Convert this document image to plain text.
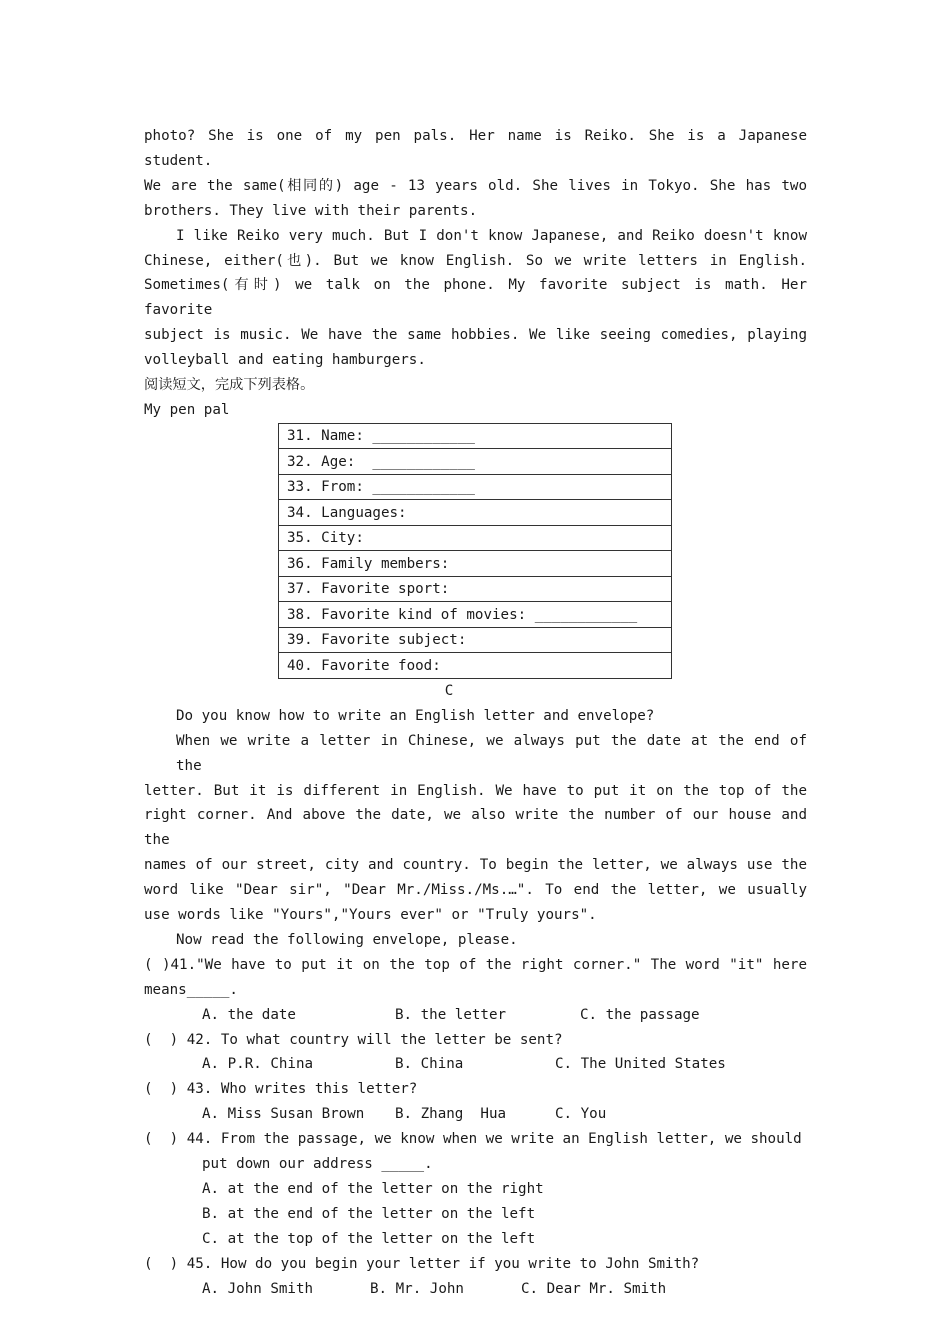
photo? She is one of my pen pals. Her name is Reiko. She is a Japanese student.
We are the same(相同的) age - 13 years old. She lives in Tokyo. She has two
brothers. They live with their parents.
I like Reiko very much. But I don't know Japanese, and Reiko doesn't know
Chinese, either(也). But we know English. So we write letters in English.
Sometimes(有时) we talk on the phone. My favorite subject is math. Her favorite
subject is music. We have the same hobbies. We like seeing comedies, playing
volleyball and eating hamburgers.
阅读短文，完成下列表格。
My pen pal
31. Name: ____________
32. Age:  ____________
33. From: ____________
34. Languages:
35. City:
36. Family members:
37. Favorite sport:
38. Favorite kind of movies: ____________
39. Favorite subject:
40. Favorite food:
C
Do you know how to write an English letter and envelope?
When we write a letter in Chinese, we always put the date at the end of the
letter. But it is different in English. We have to put it on the top of the
right corner. And above the date, we also write the number of our house and the
names of our street, city and country. To begin the letter, we always use the
word like "Dear sir", "Dear Mr./Miss./Ms.…". To end the letter, we usually
use words like "Yours","Yours ever" or "Truly yours".
Now read the following envelope, please.
( )41."We have to put it on the top of the right corner." The word "it" here
means_____.
A. the date	B. the letter	C. the passage
(  ) 42. To what country will the letter be sent?
A. P.R. China	B. China	C. The United States
(  ) 43. Who writes this letter?
A. Miss Susan Brown	B. Zhang  Hua	C. You
(  ) 44. From the passage, we know when we write an English letter, we should
put down our address _____.
A. at the end of the letter on the right
B. at the end of the letter on the left
C. at the top of the letter on the left
(  ) 45. How do you begin your letter if you write to John Smith?
A. John Smith	B. Mr. John	C. Dear Mr. Smith
